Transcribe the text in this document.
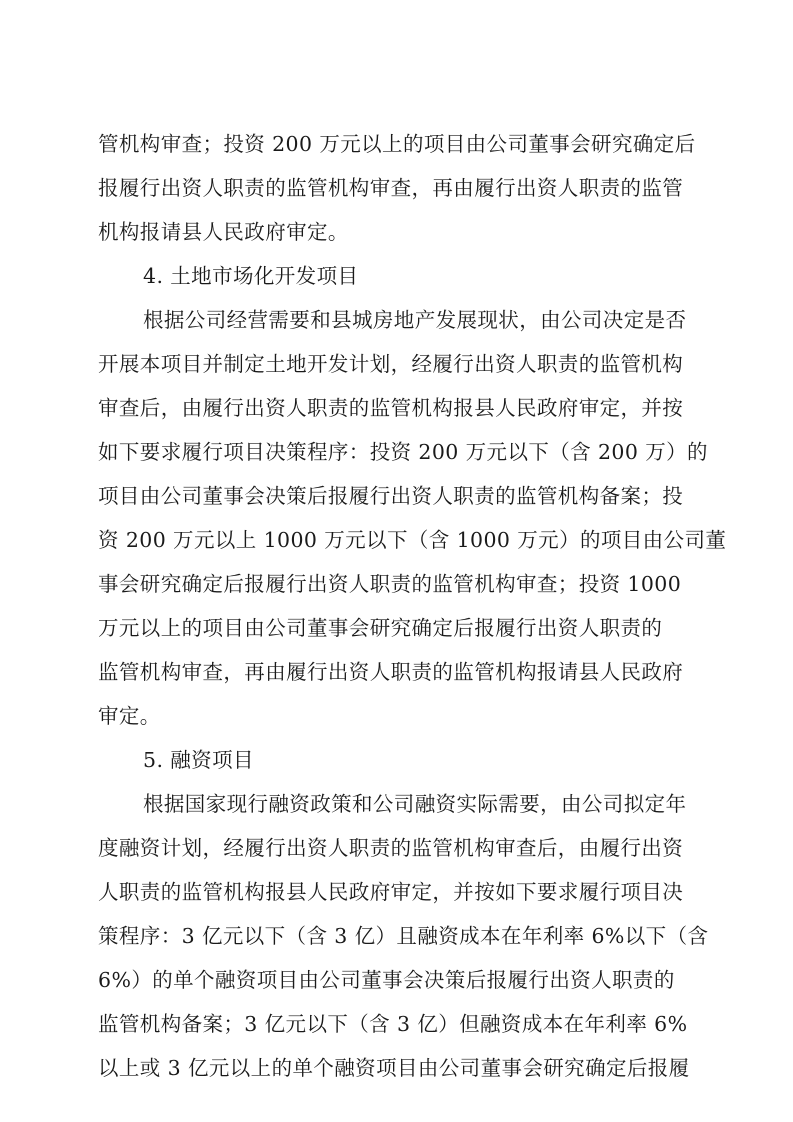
管机构审查；投资 200 万元以上的项目由公司董事会研究确定后
报履行出资人职责的监管机构审查，再由履行出资人职责的监管
机构报请县人民政府审定。
4. 土地市场化开发项目
根据公司经营需要和县城房地产发展现状，由公司决定是否
开展本项目并制定土地开发计划，经履行出资人职责的监管机构
审查后，由履行出资人职责的监管机构报县人民政府审定，并按
如下要求履行项目决策程序：投资 200 万元以下（含 200 万）的
项目由公司董事会决策后报履行出资人职责的监管机构备案；投
资 200 万元以上 1000 万元以下（含 1000 万元）的项目由公司董
事会研究确定后报履行出资人职责的监管机构审查；投资 1000
万元以上的项目由公司董事会研究确定后报履行出资人职责的
监管机构审查，再由履行出资人职责的监管机构报请县人民政府
审定。
5. 融资项目
根据国家现行融资政策和公司融资实际需要，由公司拟定年
度融资计划，经履行出资人职责的监管机构审查后，由履行出资
人职责的监管机构报县人民政府审定，并按如下要求履行项目决
策程序：3 亿元以下（含 3 亿）且融资成本在年利率 6%以下（含
6%）的单个融资项目由公司董事会决策后报履行出资人职责的
监管机构备案；3 亿元以下（含 3 亿）但融资成本在年利率 6%
以上或 3 亿元以上的单个融资项目由公司董事会研究确定后报履
